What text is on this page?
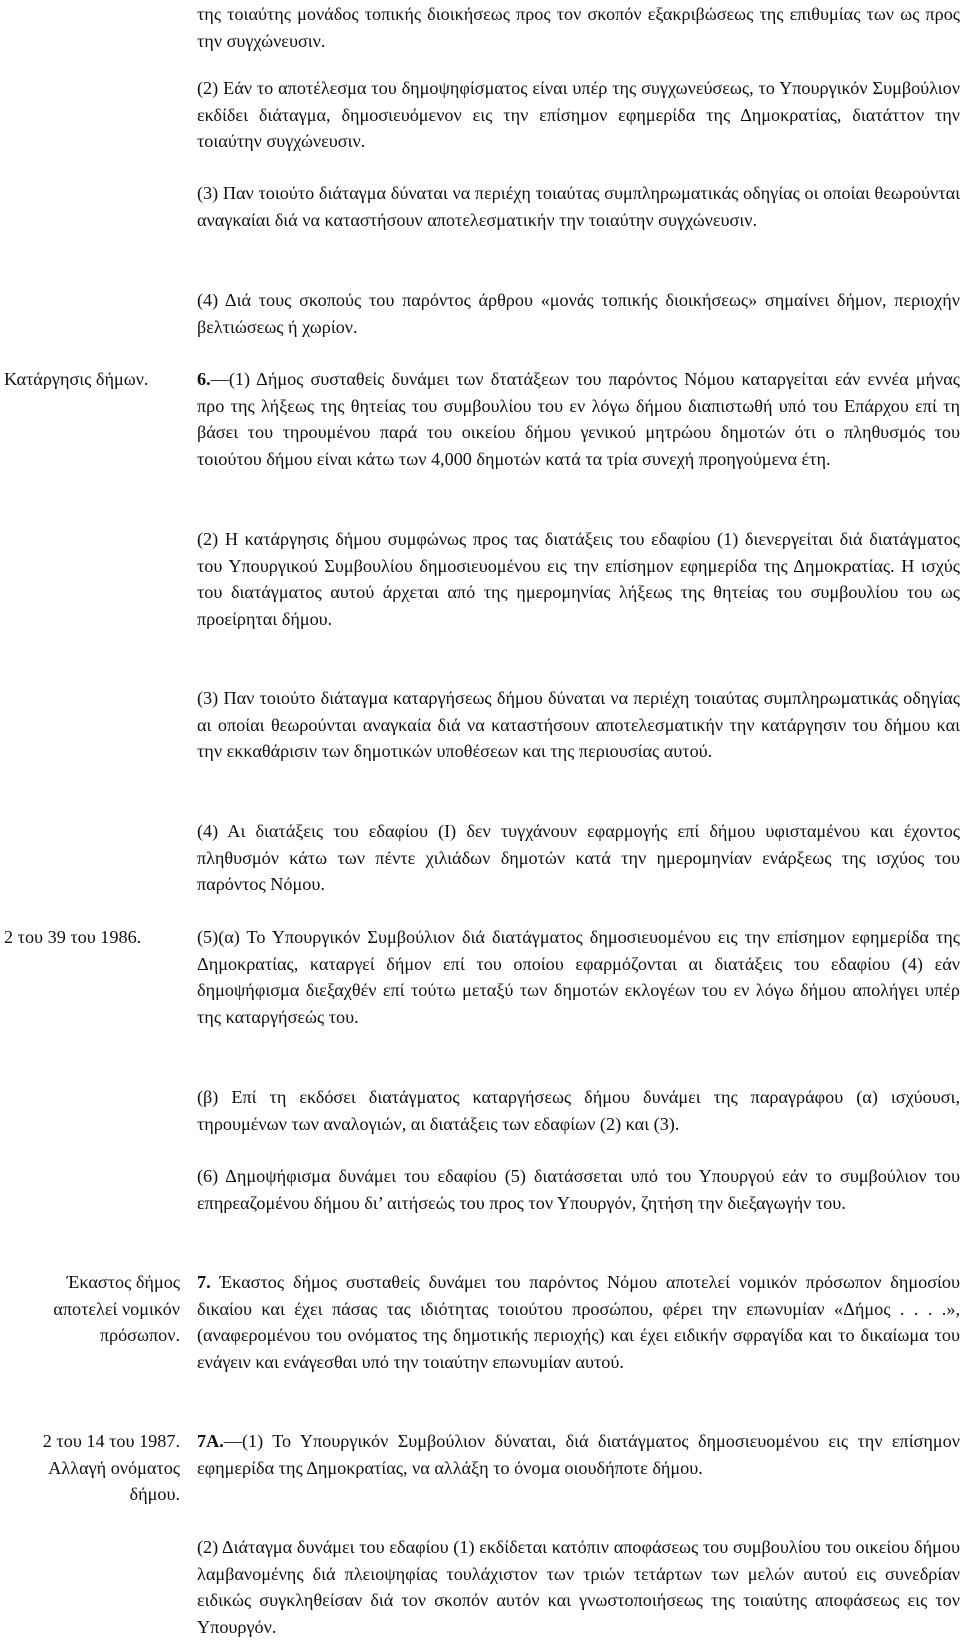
της τοιαύτης μονάδος τοπικής διοικήσεως προς τον σκοπόν εξακριβώσεως της επιθυμίας των ως προς την συγχώνευσιν.

(2) Εάν το αποτέλεσμα του δημοψηφίσματος είναι υπέρ της συγχωνεύσεως, το Υπουργικόν Συμβούλιον εκδίδει διάταγμα, δημοσιευόμενον εις την επίσημον εφημερίδα της Δημοκρατίας, διατάττον την τοιαύτην συγχώνευσιν.

(3) Παν τοιούτο διάταγμα δύναται να περιέχη τοιαύτας συμπληρωματικάς οδηγίας οι οποίαι θεωρούνται αναγκαίαι διά να καταστήσουν αποτελεσματικήν την τοιαύτην συγχώνευσιν.

(4) Διά τους σκοπούς του παρόντος άρθρου «μονάς τοπικής διοικήσεως» σημαίνει δήμον, περιοχήν βελτιώσεως ή χωρίον.

Κατάργησις δήμων.	6.—(1) Δήμος συσταθείς δυνάμει των δτατάξεων του παρόντος Νόμου καταργείται εάν εννέα μήνας προ της λήξεως της θητείας του συμβουλίου του εν λόγω δήμου διαπιστωθή υπό του Επάρχου επί τη βάσει του τηρουμένου παρά του οικείου δήμου γενικού μητρώου δημοτών ότι ο πληθυσμός του τοιούτου δήμου είναι κάτω των 4,000 δημοτών κατά τα τρία συνεχή προηγούμενα έτη.

(2) Η κατάργησις δήμου συμφώνως προς τας διατάξεις του εδαφίου (1) διενεργείται διά διατάγματος του Υπουργικού Συμβουλίου δημοσιευομένου εις την επίσημον εφημερίδα της Δημοκρατίας. Η ισχύς του διατάγματος αυτού άρχεται από της ημερομηνίας λήξεως της θητείας του συμβουλίου του ως προείρηται δήμου.

(3) Παν τοιούτο διάταγμα καταργήσεως δήμου δύναται να περιέχη τοιαύτας συμπληρωματικάς οδηγίας αι οποίαι θεωρούνται αναγκαία διά να καταστήσουν αποτελεσματικήν την κατάργησιν του δήμου και την εκκαθάρισιν των δημοτικών υποθέσεων και της περιουσίας αυτού.

(4) Αι διατάξεις του εδαφίου (I) δεν τυγχάνουν εφαρμογής επί δήμου υφισταμένου και έχοντος πληθυσμόν κάτω των πέντε χιλιάδων δημοτών κατά την ημερομηνίαν ενάρξεως της ισχύος του παρόντος Νόμου.

2 του 39 του 1986.	(5)(α) Το Υπουργικόν Συμβούλιον διά διατάγματος δημοσιευομένου εις την επίσημον εφημερίδα της Δημοκρατίας, καταργεί δήμον επί του οποίου εφαρμόζονται αι διατάξεις του εδαφίου (4) εάν δημοψήφισμα διεξαχθέν επί τούτω μεταξύ των δημοτών εκλογέων του εν λόγω δήμου απολήγει υπέρ της καταργήσεώς του.

(β) Επί τη εκδόσει διατάγματος καταργήσεως δήμου δυνάμει της παραγράφου (α) ισχύουσι, τηρουμένων των αναλογιών, αι διατάξεις των εδαφίων (2) και (3).

(6) Δημοψήφισμα δυνάμει του εδαφίου (5) διατάσσεται υπό του Υπουργού εάν το συμβούλιον του επηρεαζομένου δήμου δι’ αιτήσεώς του προς τον Υπουργόν, ζητήση την διεξαγωγήν του.

Έκαστος δήμος
αποτελεί νομικόν
πρόσωπον.

7. Έκαστος δήμος συσταθείς δυνάμει του παρόντος Νόμου αποτελεί νομικόν πρόσωπον δημοσίου δικαίου και έχει πάσας τας ιδιότητας τοιούτου προσώπου, φέρει την επωνυμίαν «Δήμος . . . .», (αναφερομένου του ονόματος της δημοτικής περιοχής) και έχει ειδικήν σφραγίδα και το δικαίωμα του ενάγειν και ενάγεσθαι υπό την τοιαύτην επωνυμίαν αυτού.

2 του 14 του 1987.
Αλλαγή ονόματος
δήμου.

7Α.—(1) Το Υπουργικόν Συμβούλιον δύναται, διά διατάγματος δημοσιευομένου εις την επίσημον εφημερίδα της Δημοκρατίας, να αλλάξη το όνομα οιουδήποτε δήμου.

(2) Διάταγμα δυνάμει του εδαφίου (1) εκδίδεται κατόπιν αποφάσεως του συμβουλίου του οικείου δήμου λαμβανομένης διά πλειοψηφίας τουλάχιστον των τριών τετάρτων των μελών αυτού εις συνεδρίαν ειδικώς συγκληθείσαν διά τον σκοπόν αυτόν και γνωστοποιήσεως της τοιαύτης αποφάσεως εις τον Υπουργόν.
